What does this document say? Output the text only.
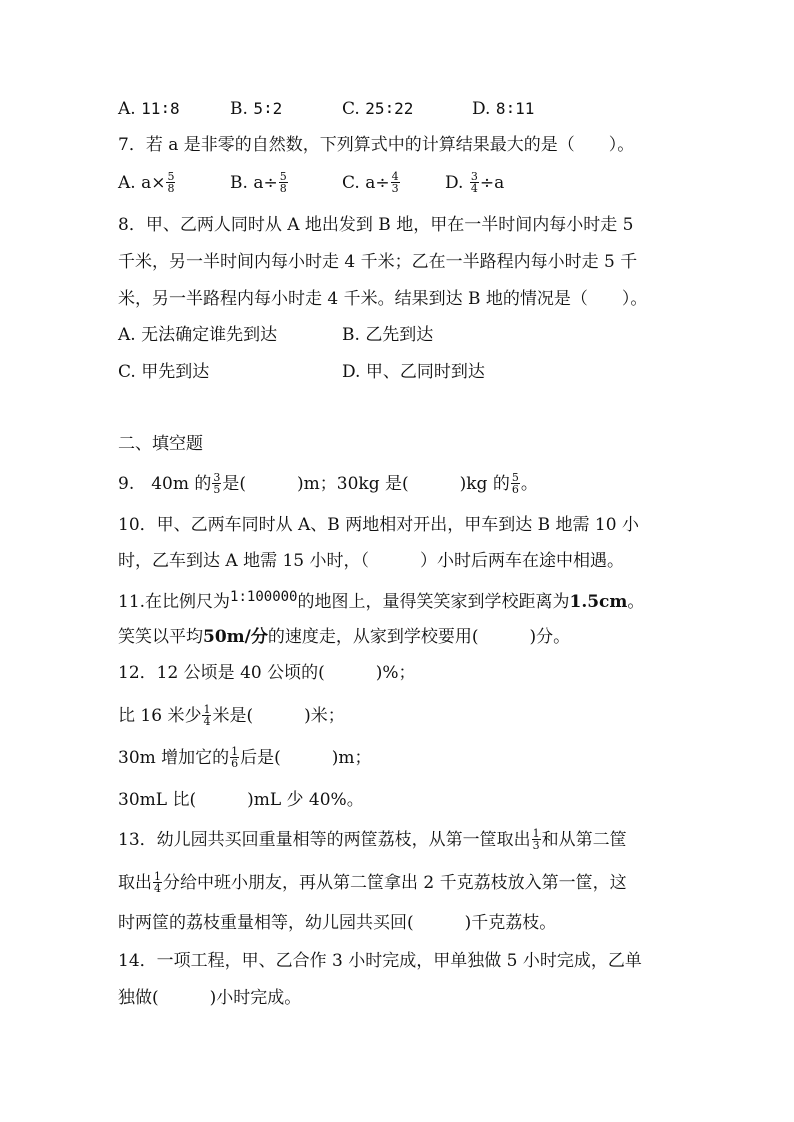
A. 11∶8	B. 5∶2	C. 25∶22	D. 8∶11
7．若 a 是非零的自然数，下列算式中的计算结果最大的是（　　）。
A. $a\times \frac{5}{8}$	B. $a\div \frac{5}{8}$	C. $a\div \frac{4}{3}$	D. $\frac{3}{4} \div a$
8．甲、乙两人同时从 A 地出发到 B 地，甲在一半时间内每小时走 5
千米，另一半时间内每小时走 4 千米；乙在一半路程内每小时走 5 千
米，另一半路程内每小时走 4 千米。结果到达 B 地的情况是（　　）。
A. 无法确定谁先到达	B. 乙先到达
C. 甲先到达	D. 甲、乙同时到达
二、填空题
9.　40m 的 $\frac{3}{5}$ 是(　　　)m；30kg 是(　　　)kg 的 $\frac{5}{6}$ 。
10．甲、乙两车同时从 A、B 两地相对开出，甲车到达 B 地需 10 小
时，乙车到达 A 地需 15 小时，（　　　）小时后两车在途中相遇。
11.在比例尺为$^{1:100000}$的地图上，量得笑笑家到学校距离为1.5cm。
笑笑以平均50m/分的速度走，从家到学校要用(　　　)分。
12．12 公顷是 40 公顷的(　　　)%；
比 16 米少 $\frac{1}{4}$ 米是(　　　)米；
30m 增加它的 $\frac{1}{6}$ 后是(　　　)m；
30mL 比(　　　)mL 少 40%。
13．幼儿园共买回重量相等的两筐荔枝，从第一筐取出 $\frac{1}{3}$ 和从第二筐
取出 $\frac{1}{4}$ 分给中班小朋友，再从第二筐拿出 2 千克荔枝放入第一筐，这
时两筐的荔枝重量相等，幼儿园共买回(　　　)千克荔枝。
14．一项工程，甲、乙合作 3 小时完成，甲单独做 5 小时完成，乙单
独做(　　　)小时完成。
